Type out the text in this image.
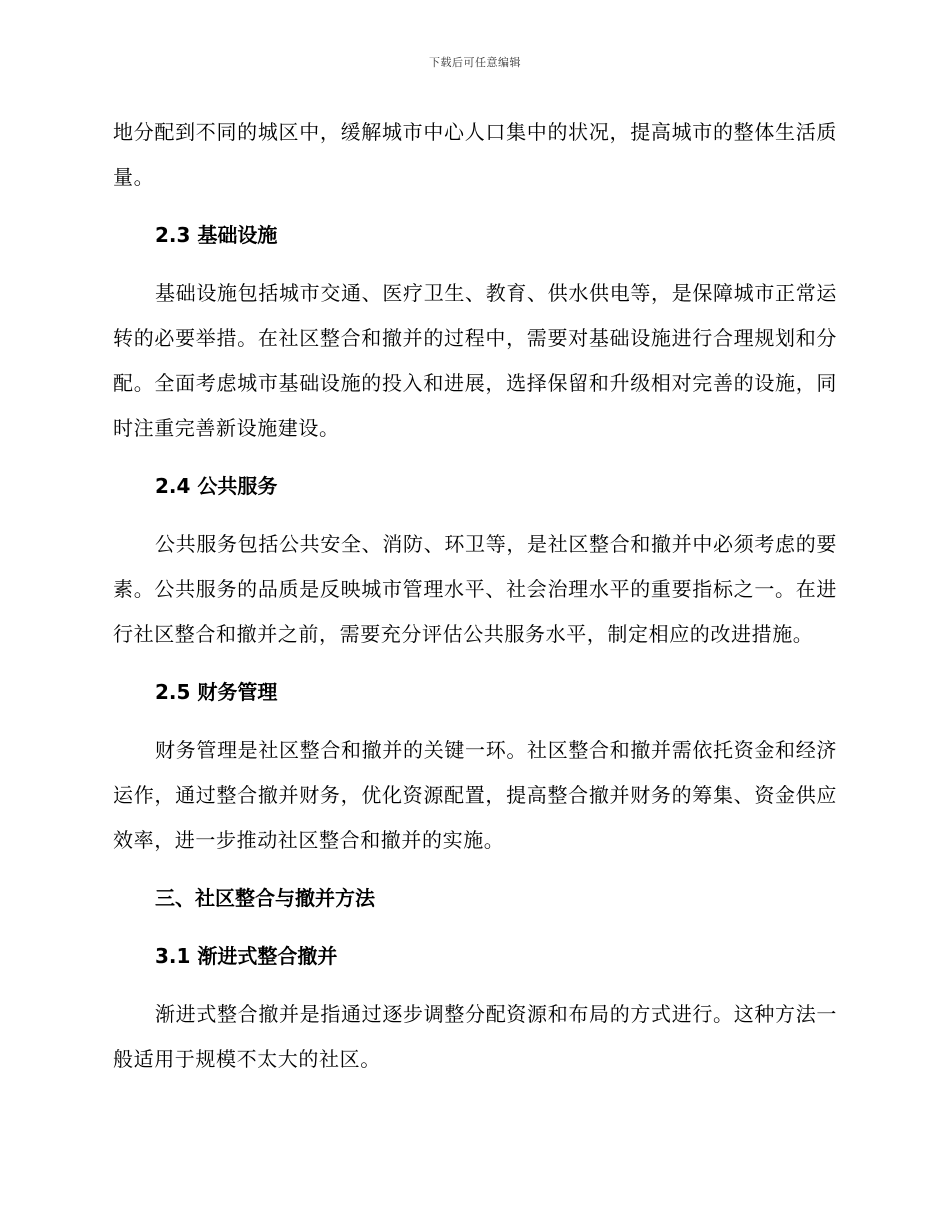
下载后可任意编辑

地分配到不同的城区中，缓解城市中心人口集中的状况，提高城市的整体生活质量。

2.3 基础设施

基础设施包括城市交通、医疗卫生、教育、供水供电等，是保障城市正常运转的必要举措。在社区整合和撤并的过程中，需要对基础设施进行合理规划和分配。全面考虑城市基础设施的投入和进展，选择保留和升级相对完善的设施，同时注重完善新设施建设。

2.4 公共服务

公共服务包括公共安全、消防、环卫等，是社区整合和撤并中必须考虑的要素。公共服务的品质是反映城市管理水平、社会治理水平的重要指标之一。在进行社区整合和撤并之前，需要充分评估公共服务水平，制定相应的改进措施。

2.5 财务管理

财务管理是社区整合和撤并的关键一环。社区整合和撤并需依托资金和经济运作，通过整合撤并财务，优化资源配置，提高整合撤并财务的筹集、资金供应效率，进一步推动社区整合和撤并的实施。

三、社区整合与撤并方法
3.1 渐进式整合撤并

渐进式整合撤并是指通过逐步调整分配资源和布局的方式进行。这种方法一般适用于规模不太大的社区。
